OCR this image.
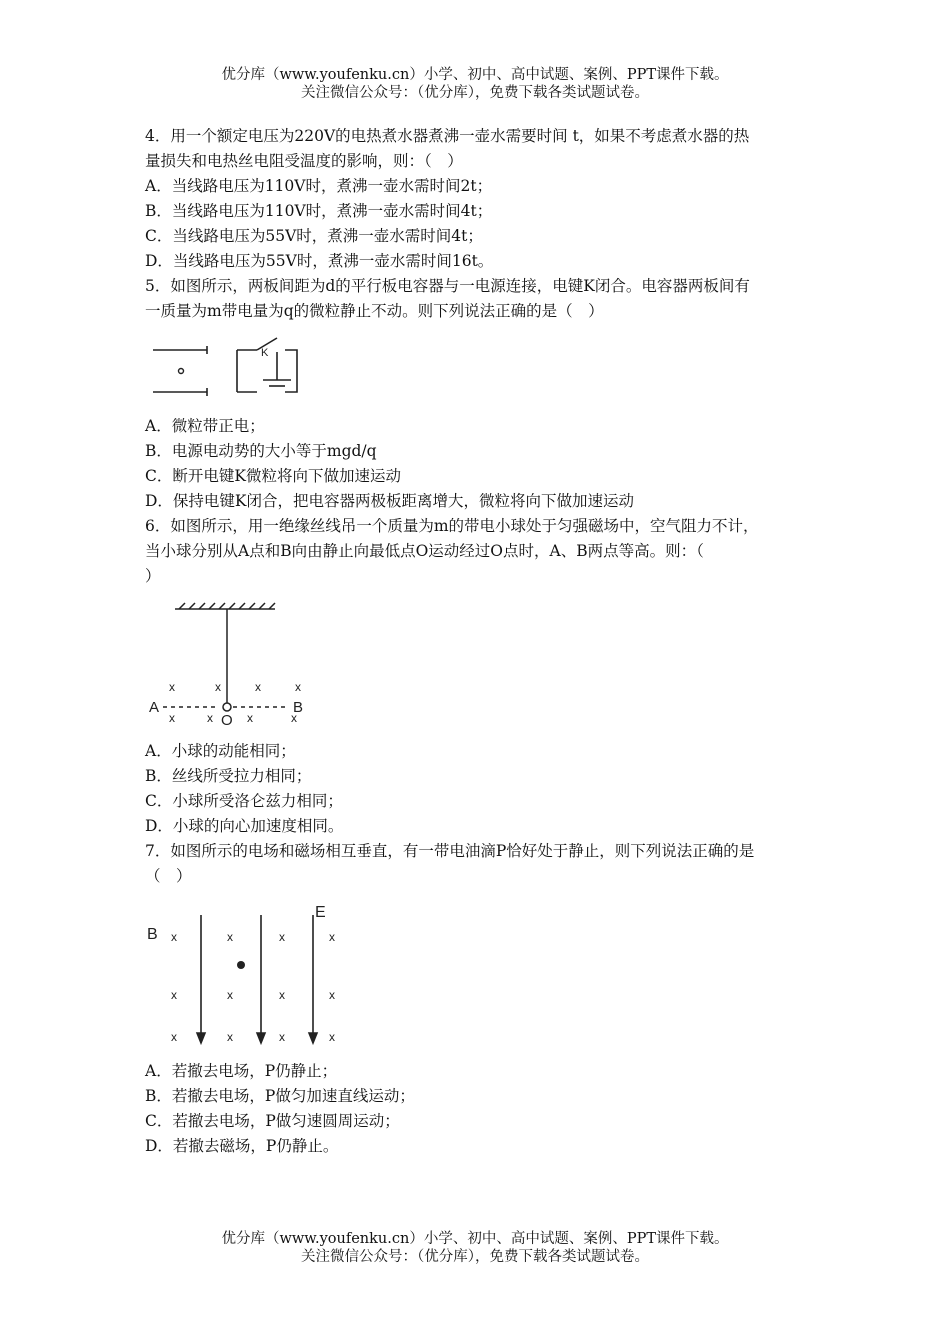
优分库（www.youfenku.cn）小学、初中、高中试题、案例、PPT课件下载。
关注微信公众号：（优分库），免费下载各类试题试卷。
4．用一个额定电压为220V的电热煮水器煮沸一壶水需要时间 t，如果不考虑煮水器的热
量损失和电热丝电阻受温度的影响，则：（　）
A．当线路电压为110V时，煮沸一壶水需时间2t；
B．当线路电压为110V时，煮沸一壶水需时间4t；
C．当线路电压为55V时，煮沸一壶水需时间4t；
D．当线路电压为55V时，煮沸一壶水需时间16t。
5．如图所示，两板间距为d的平行板电容器与一电源连接，电键K闭合。电容器两板间有
一质量为m带电量为q的微粒静止不动。则下列说法正确的是（　）
K
A．微粒带正电；
B．电源电动势的大小等于mgd/q
C．断开电键K微粒将向下做加速运动
D．保持电键K闭合，把电容器两极板距离增大，微粒将向下做加速运动
6．如图所示，用一绝缘丝线吊一个质量为m的带电小球处于匀强磁场中，空气阻力不计，
当小球分别从A点和B向由静止向最低点O运动经过O点时，A、B两点等高。则：（
）
x	x	x	x
x	x	x	x
A
O
B
A．小球的动能相同；
B．丝线所受拉力相同；
C．小球所受洛仑兹力相同；
D．小球的向心加速度相同。
7．如图所示的电场和磁场相互垂直，有一带电油滴P恰好处于静止，则下列说法正确的是
（　）
x	x	x	x
x	x	x	x
x	x	x	x
B
E
A．若撤去电场，P仍静止；
B．若撤去电场，P做匀加速直线运动；
C．若撤去电场，P做匀速圆周运动；
D．若撤去磁场，P仍静止。
优分库（www.youfenku.cn）小学、初中、高中试题、案例、PPT课件下载。
关注微信公众号：（优分库），免费下载各类试题试卷。
